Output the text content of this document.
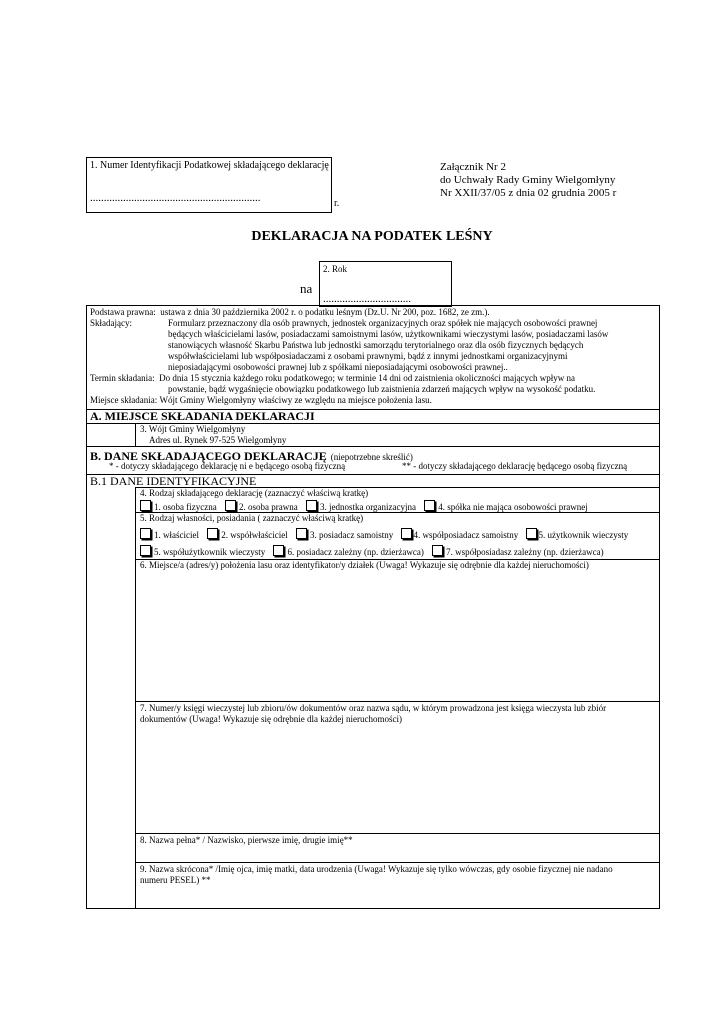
1. Numer Identyfikacji Podatkowej składającego deklarację
..............................................................	r.
Załącznik Nr 2
do Uchwały Rady Gminy Wielgomłyny
Nr XXII/37/05 z dnia 02 grudnia 2005 r
DEKLARACJA NA PODATEK LEŚNY
na
2. Rok
................................
Podstawa prawna: ustawa z dnia 30 października 2002 r. o podatku leśnym (Dz.U. Nr 200, poz. 1682, ze zm.).
Składający:	Formularz przeznaczony dla osób prawnych, jednostek organizacyjnych oraz spółek nie mających osobowości prawnej
będących właścicielami lasów, posiadaczami samoistnymi lasów, użytkownikami wieczystymi lasów, posiadaczami lasów
stanowiących własność Skarbu Państwa lub jednostki samorządu terytorialnego oraz dla osób fizycznych będących
współwłaścicielami lub współposiadaczami z osobami prawnymi, bądź z innymi jednostkami organizacyjnymi
nieposiadającymi osobowości prawnej lub z spółkami nieposiadającymi osobowości prawnej..
Termin składania: Do dnia 15 stycznia każdego roku podatkowego; w terminie 14 dni od zaistnienia okoliczności mających wpływ na
powstanie, bądź wygaśnięcie obowiązku podatkowego lub zaistnienia zdarzeń mających wpływ na wysokość podatku.
Miejsce składania: Wójt Gminy Wielgomłyny właściwy ze względu na miejsce położenia lasu.
A. MIEJSCE SKŁADANIA DEKLARACJI
3. Wójt Gminy Wielgomłyny
Adres ul. Rynek 97-525 Wielgomłyny
B. DANE SKŁADAJĄCEGO DEKLARACJĘ (niepotrzebne skreślić)
* - dotyczy składającego deklarację ni e będącego osobą fizyczną	** - dotyczy składającego deklarację będącego osobą fizyczną
B.1 DANE IDENTYFIKACYJNE
4. Rodzaj składającego deklarację (zaznaczyć właściwą kratkę)
1. osoba fizyczna 2. osoba prawna 3. jednostka organizacyjna 4. spółka nie mająca osobowości prawnej
5. Rodzaj własności, posiadania ( zaznaczyć właściwą kratkę)
1. właściciel 2. współwłaściciel 3. posiadacz samoistny 4. współposiadacz samoistny 5. użytkownik wieczysty
5. współużytkownik wieczysty 6. posiadacz zależny (np. dzierżawca) 7. współposiadasz zależny (np. dzierżawca)
6. Miejsce/a (adres/y) położenia lasu oraz identyfikator/y działek (Uwaga! Wykazuje się odrębnie dla każdej nieruchomości)
7. Numer/y księgi wieczystej lub zbioru/ów dokumentów oraz nazwa sądu, w którym prowadzona jest księga wieczysta lub zbiór
dokumentów (Uwaga! Wykazuje się odrębnie dla każdej nieruchomości)
8. Nazwa pełna* / Nazwisko, pierwsze imię, drugie imię**
9. Nazwa skrócona* /Imię ojca, imię matki, data urodzenia (Uwaga! Wykazuje się tylko wówczas, gdy osobie fizycznej nie nadano
numeru PESEL) **
